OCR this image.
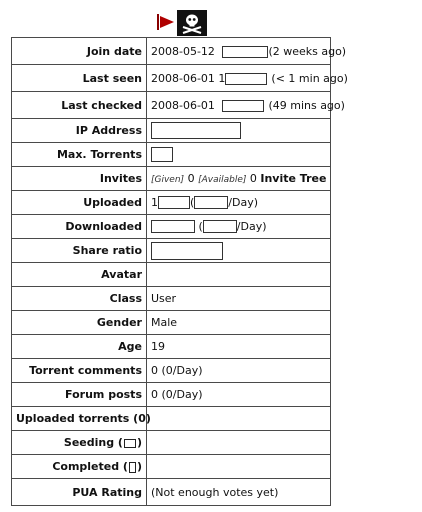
Join date	2008-05-12 (2 weeks ago)
Last seen	2008-06-01 1 (< 1 min ago)
Last checked	2008-06-01 (49 mins ago)
IP Address	
Max. Torrents	
Invites	[Given] 0 [Available] 0 Invite Tree
Uploaded	1 ( /Day)
Downloaded	( /Day)
Share ratio	
Avatar	
Class	User
Gender	Male
Age	19
Torrent comments	0 (0/Day)
Forum posts	0 (0/Day)
Uploaded torrents (0)	
Seeding ( )	
Completed ( )	
PUA Rating	(Not enough votes yet)
